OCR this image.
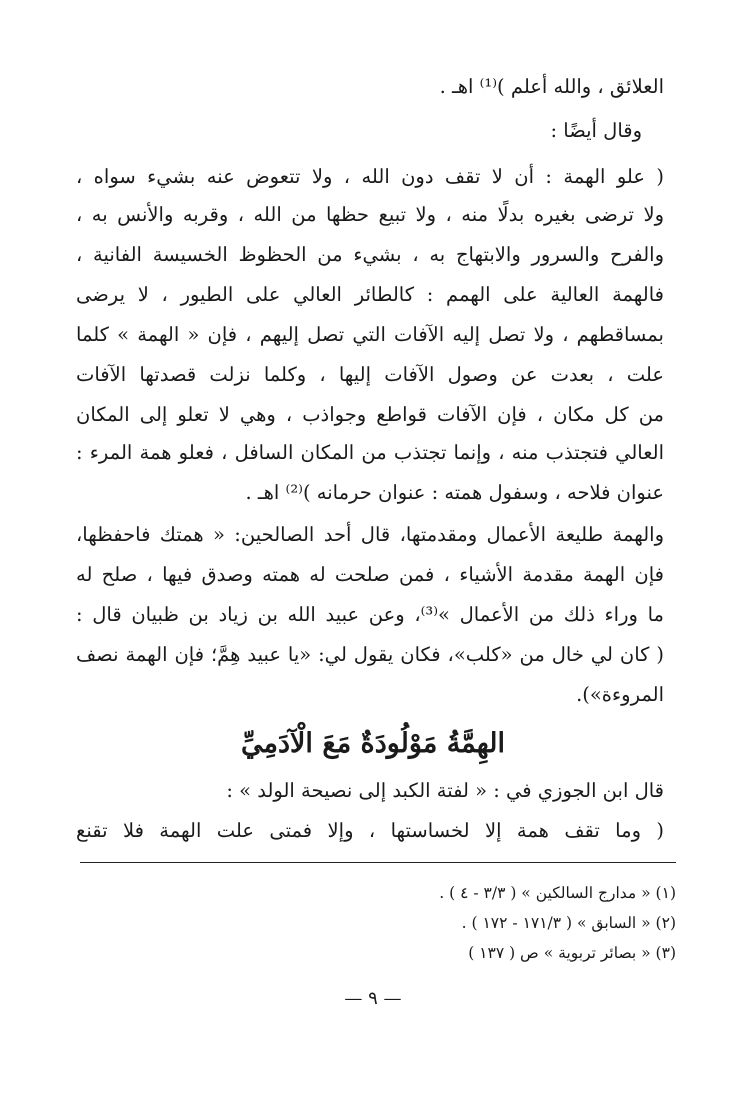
العلائق ، والله أعلم )⁽¹⁾ اهـ .
وقال أيضًا :
( علو الهمة : أن لا تقف دون الله ، ولا تتعوض عنه بشيء سواه ،
ولا ترضى بغيره بدلًا منه ، ولا تبيع حظها من الله ، وقربه والأنس به ،
والفرح والسرور والابتهاج به ، بشيء من الحظوظ الخسيسة الفانية ،
فالهمة العالية على الهمم : كالطائر العالي على الطيور ، لا يرضى
بمساقطهم ، ولا تصل إليه الآفات التي تصل إليهم ، فإن « الهمة » كلما
علت ، بعدت عن وصول الآفات إليها ، وكلما نزلت قصدتها الآفات
من كل مكان ، فإن الآفات قواطع وجواذب ، وهي لا تعلو إلى المكان
العالي فتجتذب منه ، وإنما تجتذب من المكان السافل ، فعلو همة المرء :
عنوان فلاحه ، وسفول همته : عنوان حرمانه )⁽²⁾ اهـ .
والهمة طليعة الأعمال ومقدمتها، قال أحد الصالحين: « همتك فاحفظها،
فإن الهمة مقدمة الأشياء ، فمن صلحت له همته وصدق فيها ، صلح له
ما وراء ذلك من الأعمال »⁽³⁾، وعن عبيد الله بن زياد بن ظبيان قال :
( كان لي خال من «كلب»، فكان يقول لي: «يا عبيد هِمَّ؛ فإن الهمة نصف
المروءة»).
الهِمَّةُ مَوْلُودَةٌ مَعَ الْآدَمِيِّ
قال ابن الجوزي في : « لفتة الكبد إلى نصيحة الولد » :
( وما تقف همة إلا لخساستها ، وإلا فمتى علت الهمة فلا تقنع
(١) « مدارج السالكين » ( ٣/٣ - ٤ ) .
(٢) « السابق » ( ١٧١/٣ - ١٧٢ ) .
(٣) « بصائر تربوية » ص ( ١٣٧ )
— ٩ —
